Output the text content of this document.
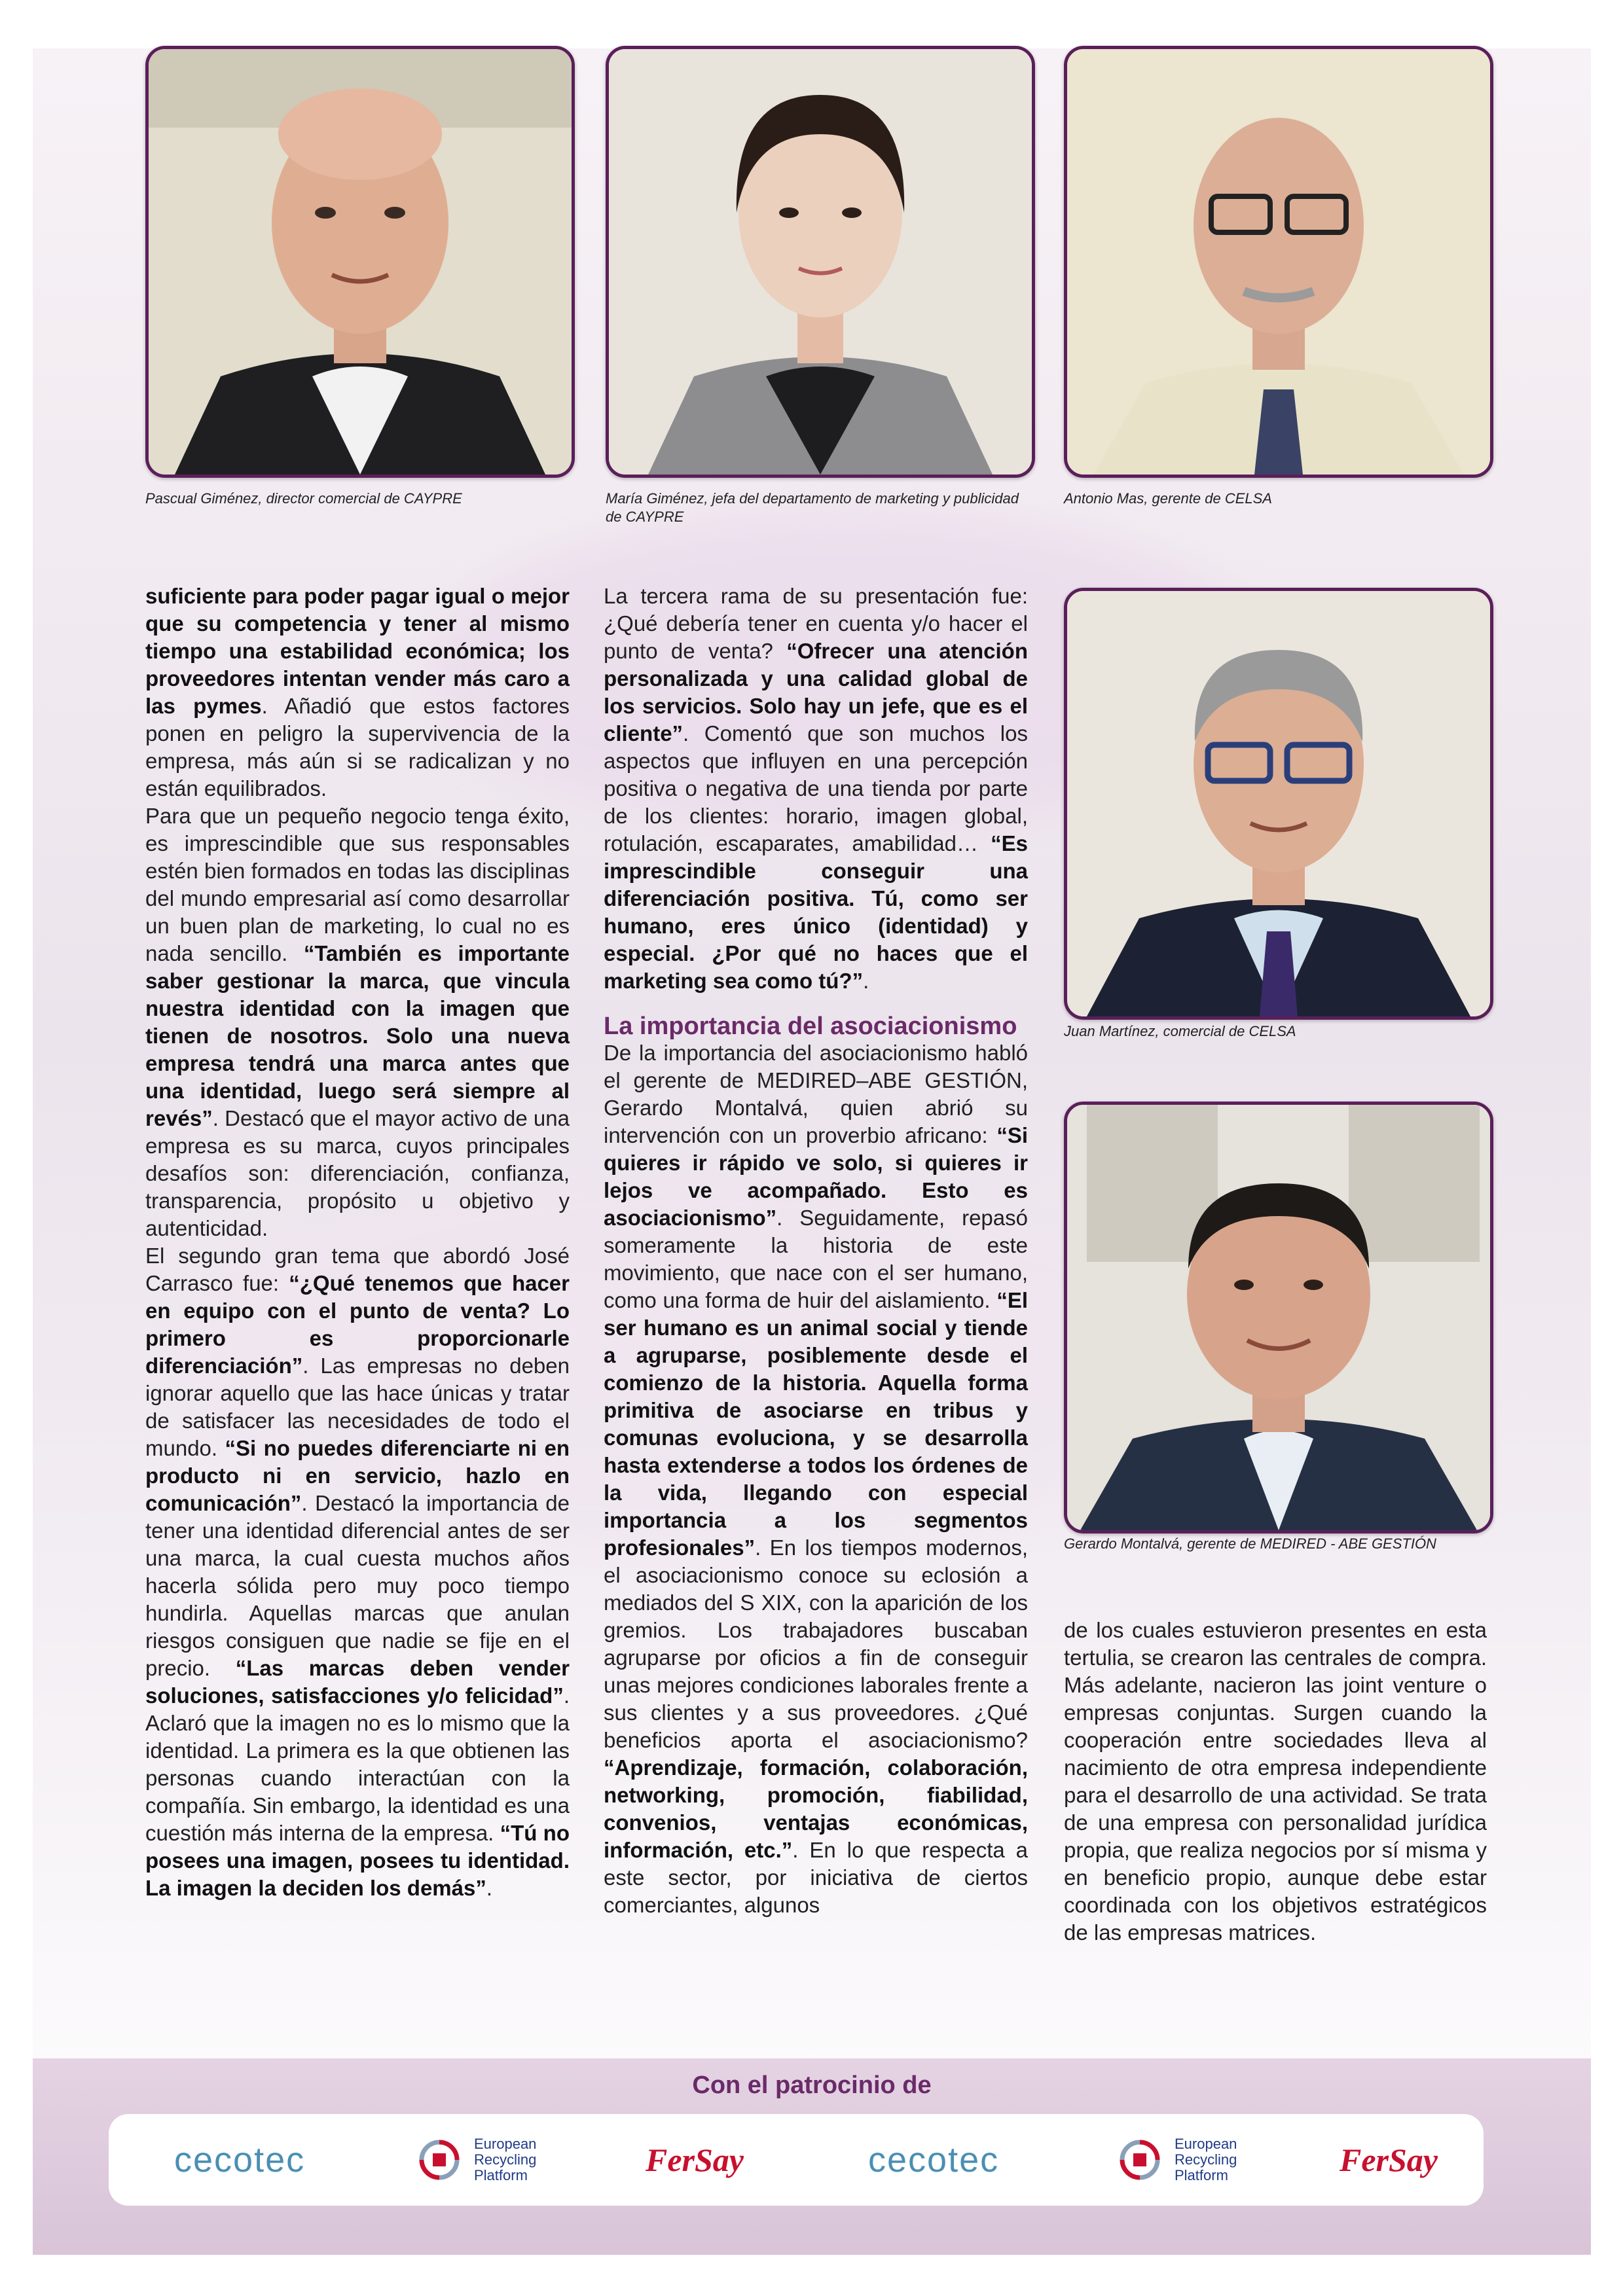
Pascual Giménez, director comercial de CAYPRE	María Giménez, jefa del departamento de marketing y publicidad de CAYPRE
Antonio Mas, gerente de CELSA

suficiente para poder pagar igual o mejor que su competencia y tener al mismo tiempo una estabilidad económica; los proveedores intentan vender más caro a las pymes. Añadió que estos factores ponen en peligro la supervivencia de la empresa, más aún si se radicalizan y no están equilibrados.

Para que un pequeño negocio tenga éxito, es imprescindible que sus responsables estén bien formados en todas las disciplinas del mundo empresarial así como desarrollar un buen plan de marketing, lo cual no es nada sencillo. “También es importante saber gestionar la marca, que vincula nuestra identidad con la imagen que tienen de nosotros. Solo una nueva empresa tendrá una marca antes que una identidad, luego será siempre al revés”. Destacó que el mayor activo de una empresa es su marca, cuyos principales desafíos son: diferenciación, confianza, transparencia, propósito u objetivo y autenticidad.

El segundo gran tema que abordó José Carrasco fue: “¿Qué tenemos que hacer en equipo con el punto de venta? Lo primero es proporcionarle diferenciación”. Las empresas no deben ignorar aquello que las hace únicas y tratar de satisfacer las necesidades de todo el mundo. “Si no puedes diferenciarte ni en producto ni en servicio, hazlo en comunicación”. Destacó la importancia de tener una identidad diferencial antes de ser una marca, la cual cuesta muchos años hacerla sólida pero muy poco tiempo hundirla. Aquellas marcas que anulan riesgos consiguen que nadie se fije en el precio. “Las marcas deben vender soluciones, satisfacciones y/o felicidad”. Aclaró que la imagen no es lo mismo que la identidad. La primera es la que obtienen las personas cuando interactúan con la compañía. Sin embargo, la identidad es una cuestión más interna de la empresa. “Tú no posees una imagen, posees tu identidad. La imagen la deciden los demás”.

La tercera rama de su presentación fue: ¿Qué debería tener en cuenta y/o hacer el punto de venta? “Ofrecer una atención personalizada y una calidad global de los servicios. Solo hay un jefe, que es el cliente”. Comentó que son muchos los aspectos que influyen en una percepción positiva o negativa de una tienda por parte de los clientes: horario, imagen global, rotulación, escaparates, amabilidad… “Es imprescindible conseguir una diferenciación positiva. Tú, como ser humano, eres único (identidad) y especial. ¿Por qué no haces que el marketing sea como tú?”.

La importancia del asociacionismo

De la importancia del asociacionismo habló el gerente de MEDIRED–ABE GESTIÓN, Gerardo Montalvá, quien abrió su intervención con un proverbio africano: “Si quieres ir rápido ve solo, si quieres ir lejos ve acompañado. Esto es asociacionismo”. Seguidamente, repasó someramente la historia de este movimiento, que nace con el ser humano, como una forma de huir del aislamiento. “El ser humano es un animal social y tiende a agruparse, posiblemente desde el comienzo de la historia. Aquella forma primitiva de asociarse en tribus y comunas evoluciona, y se desarrolla hasta extenderse a todos los órdenes de la vida, llegando con especial importancia a los segmentos profesionales”. En los tiempos modernos, el asociacionismo conoce su eclosión a mediados del S XIX, con la aparición de los gremios. Los trabajadores buscaban agruparse por oficios a fin de conseguir unas mejores condiciones laborales frente a sus clientes y a sus proveedores. ¿Qué beneficios aporta el asociacionismo? “Aprendizaje, formación, colaboración, networking, promoción, fiabilidad, convenios, ventajas económicas, información, etc.”. En lo que respecta a este sector, por iniciativa de ciertos comerciantes, algunos

Juan Martínez, comercial de CELSA
Gerardo Montalvá, gerente de MEDIRED - ABE GESTIÓN

de los cuales estuvieron presentes en esta tertulia, se crearon las centrales de compra. Más adelante, nacieron las joint venture o empresas conjuntas. Surgen cuando la cooperación entre sociedades lleva al nacimiento de otra empresa independiente para el desarrollo de una actividad. Se trata de una empresa con personalidad jurídica propia, que realiza negocios por sí misma y en beneficio propio, aunque debe estar coordinada con los objetivos estratégicos de las empresas matrices.

Con el patrocinio de
cecotec	European
Recycling
Platform	FerSay	cecotec	European
Recycling
Platform	FerSay
